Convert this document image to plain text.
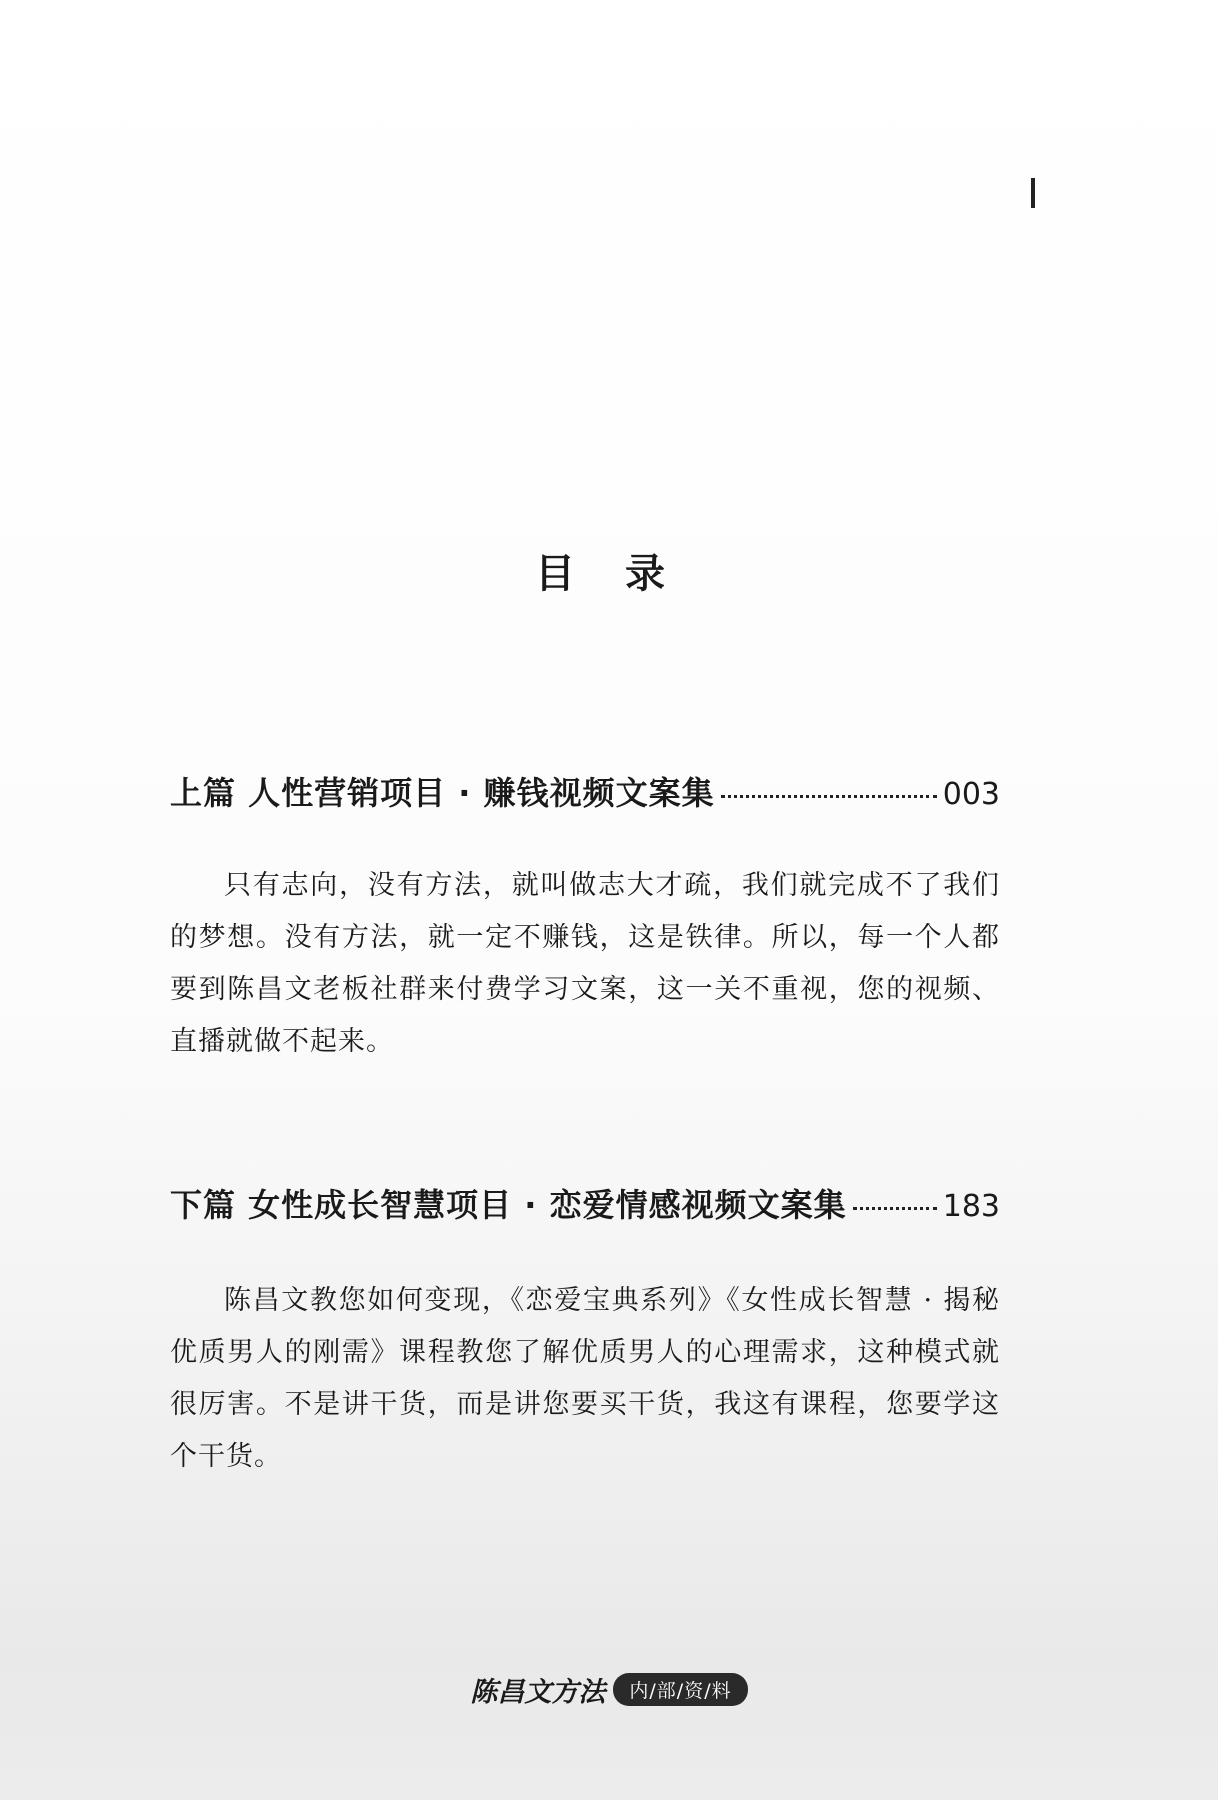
目 录
上篇 人性营销项目 · 赚钱视频文案集	003

只有志向，没有方法，就叫做志大才疏，我们就完成不了我们的梦想。没有方法，就一定不赚钱，这是铁律。所以，每一个人都要到陈昌文老板社群来付费学习文案，这一关不重视，您的视频、直播就做不起来。

下篇 女性成长智慧项目 · 恋爱情感视频文案集	183

陈昌文教您如何变现，《恋爱宝典系列》《女性成长智慧 · 揭秘优质男人的刚需》课程教您了解优质男人的心理需求，这种模式就很厉害。不是讲干货，而是讲您要买干货，我这有课程，您要学这个干货。

陈昌文方法	内/部/资/料
